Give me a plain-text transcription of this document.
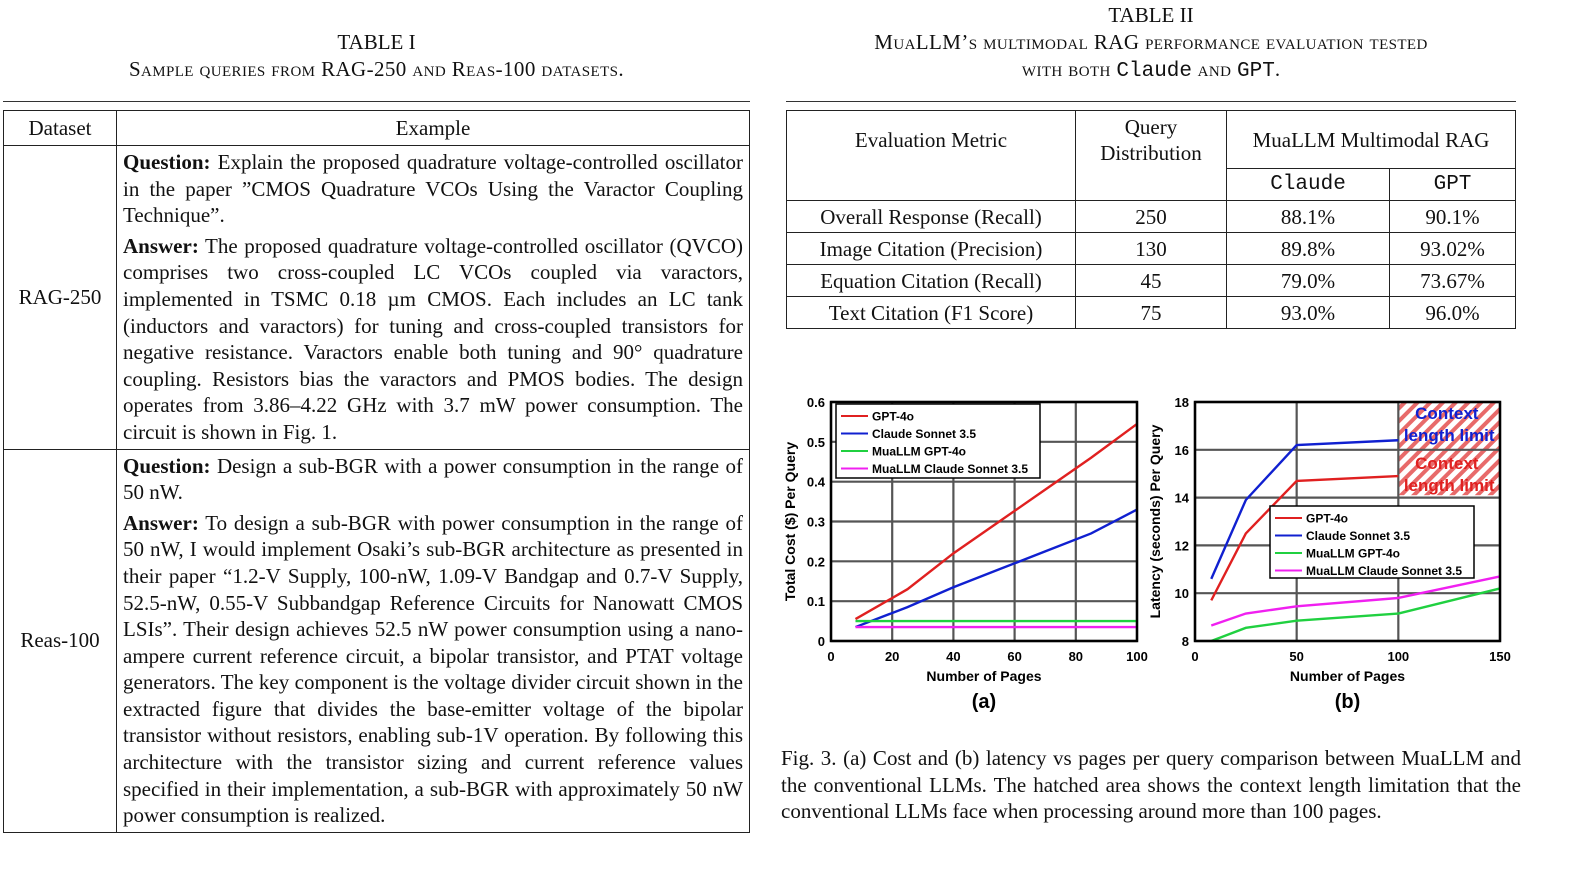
TABLE I
Sample queries from RAG-250 and Reas-100 datasets.
Dataset	Example
RAG-250	Question: Explain the proposed quadrature voltage-controlled oscillator in the paper ”CMOS Quadrature VCOs Using the Varactor Coupling Technique”.

Answer: The proposed quadrature voltage-controlled oscillator (QVCO) comprises two cross-coupled LC VCOs coupled via varactors, implemented in TSMC 0.18 µm CMOS. Each includes an LC tank (inductors and varactors) for tuning and cross-coupled transistors for negative resistance. Varactors enable both tuning and 90° quadrature coupling. Resistors bias the varactors and PMOS bodies. The design operates from 3.86–4.22 GHz with 3.7 mW power consumption. The circuit is shown in Fig. 1.

Reas-100	Question: Design a sub-BGR with a power consumption in the range of 50 nW.

Answer: To design a sub-BGR with power consumption in the range of 50 nW, I would implement Osaki’s sub-BGR architecture as presented in their paper “1.2-V Supply, 100-nW, 1.09-V Bandgap and 0.7-V Supply, 52.5-nW, 0.55-V Subbandgap Reference Circuits for Nanowatt CMOS LSIs”. Their design achieves 52.5 nW power consumption using a nano-ampere current reference circuit, a bipolar transistor, and PTAT voltage generators. The key component is the voltage divider circuit shown in the extracted figure that divides the base-emitter voltage of the bipolar transistor without resistors, enabling sub-1V operation. By following this architecture with the transistor sizing and current reference values specified in their implementation, a sub-BGR with approximately 50 nW power consumption is realized.

TABLE II
MuaLLM’s multimodal RAG performance evaluation tested
with both Claude and GPT.
Evaluation Metric	Query Distribution	MuaLLM Multimodal RAG	
		Claude	GPT
Overall Response (Recall)	250	88.1%	90.1%
Image Citation (Precision)	130	89.8%	93.02%
Equation Citation (Recall)	45	79.0%	73.67%
Text Citation (F1 Score)	75	93.0%	96.0%
0	20	40	60	80	100
0
0.1
0.2
0.3
0.4
0.5
0.6
GPT-4o
Claude Sonnet 3.5
MuaLLM GPT-4o
MuaLLM Claude Sonnet 3.5
Number of Pages
Total Cost ($) Per Query
(a)
0	50	100	150
8
10
12
14
16
18
Context length limit
Context length limit
GPT-4o
Claude Sonnet 3.5
MuaLLM GPT-4o
MuaLLM Claude Sonnet 3.5
Number of Pages
Latency (seconds) Per Query
(b)
Fig. 3. (a) Cost and (b) latency vs pages per query comparison between MuaLLM and the conventional LLMs. The hatched area shows the context length limitation that the conventional LLMs face when processing around more than 100 pages.
